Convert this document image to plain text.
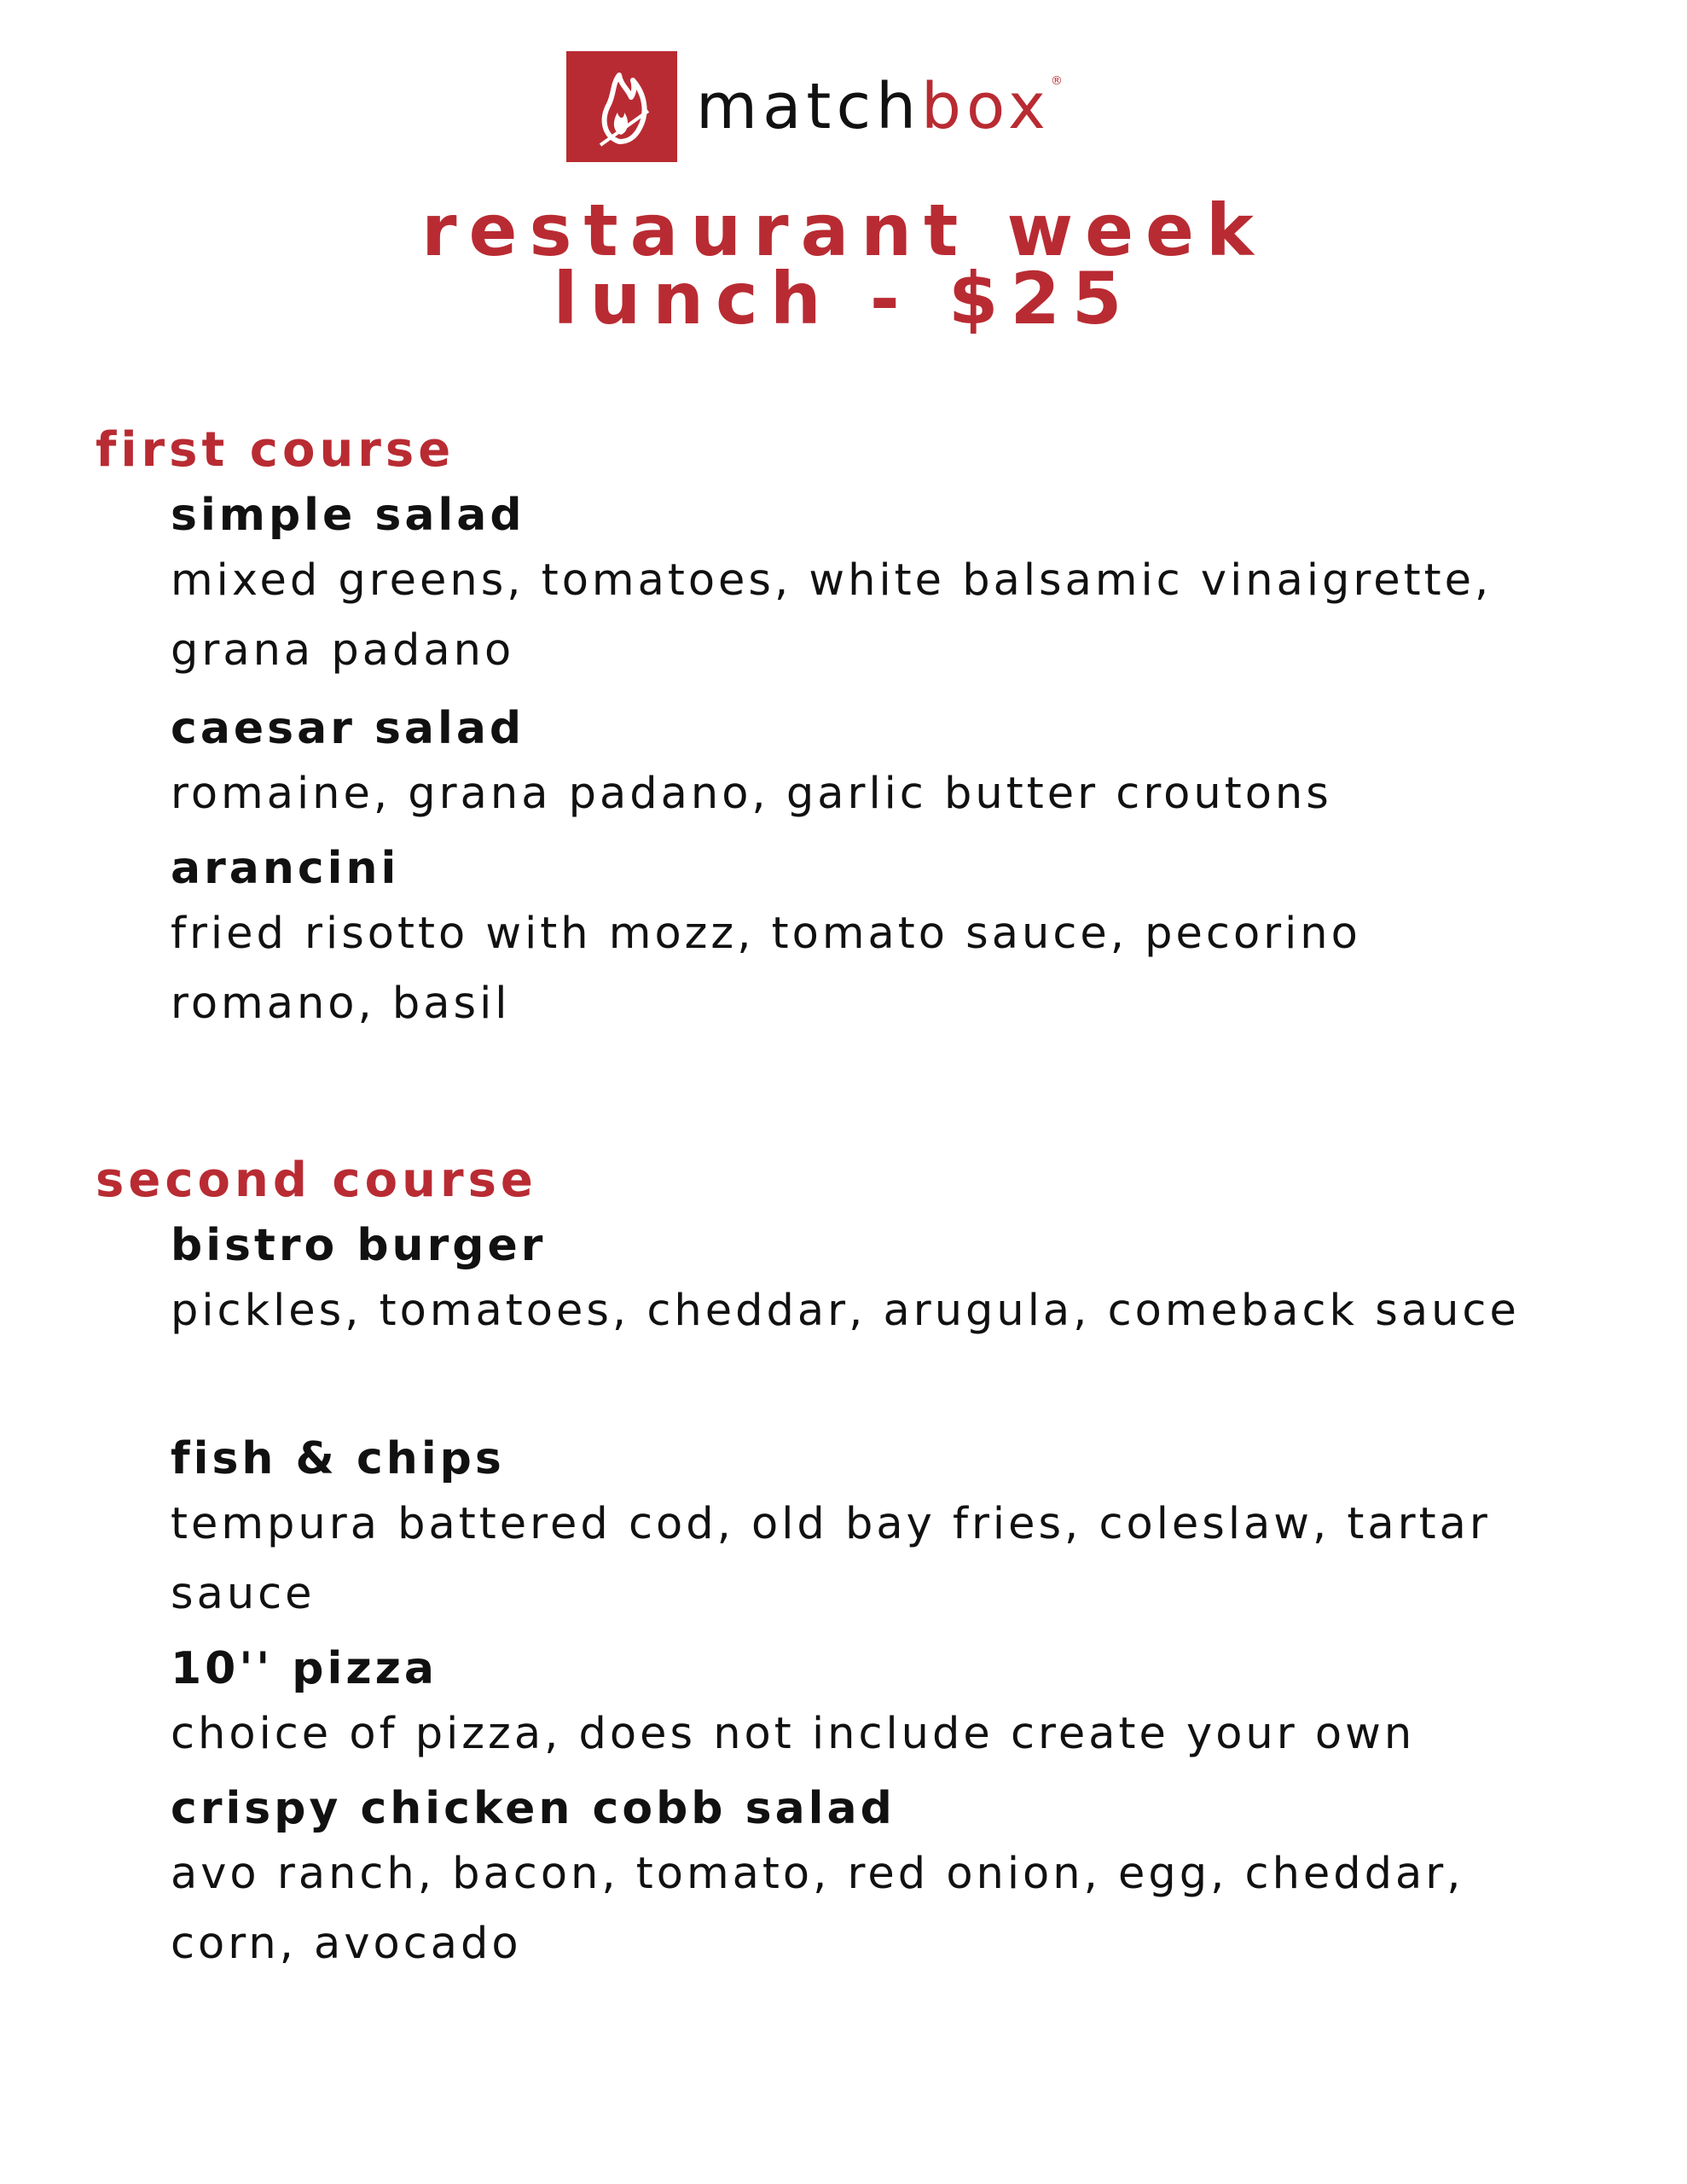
matchbox®
restaurant week
lunch - $25
first course
simple salad
mixed greens, tomatoes, white balsamic vinaigrette, grana padano
caesar salad
romaine, grana padano, garlic butter croutons
arancini
fried risotto with mozz, tomato sauce, pecorino romano, basil
second course
bistro burger
pickles, tomatoes, cheddar, arugula, comeback sauce
fish & chips
tempura battered cod, old bay fries, coleslaw, tartar sauce
10'' pizza
choice of pizza, does not include create your own
crispy chicken cobb salad
avo ranch, bacon, tomato, red onion, egg, cheddar, corn, avocado
